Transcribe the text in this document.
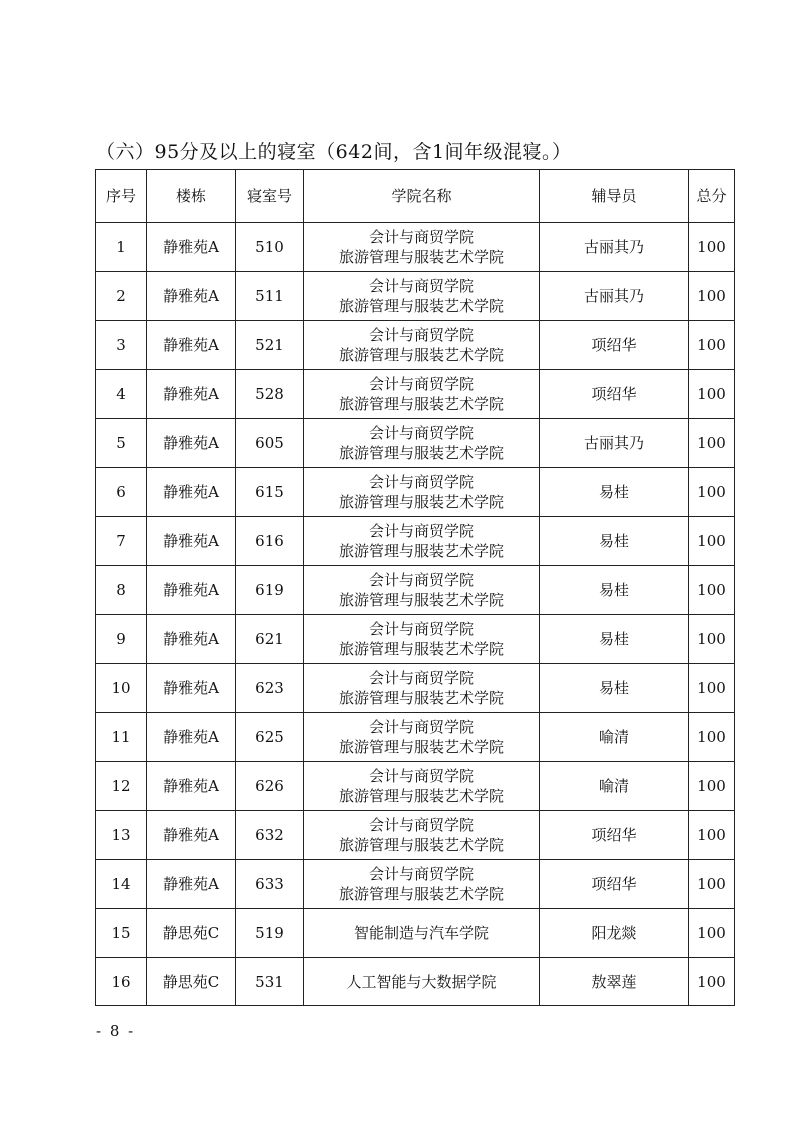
（六）95分及以上的寝室（642间，含1间年级混寝。）
序号	楼栋	寝室号	学院名称	辅导员	总分
1	静雅苑A	510	会计与商贸学院
旅游管理与服装艺术学院	古丽其乃	100
2	静雅苑A	511	会计与商贸学院
旅游管理与服装艺术学院	古丽其乃	100
3	静雅苑A	521	会计与商贸学院
旅游管理与服装艺术学院	项绍华	100
4	静雅苑A	528	会计与商贸学院
旅游管理与服装艺术学院	项绍华	100
5	静雅苑A	605	会计与商贸学院
旅游管理与服装艺术学院	古丽其乃	100
6	静雅苑A	615	会计与商贸学院
旅游管理与服装艺术学院	易桂	100
7	静雅苑A	616	会计与商贸学院
旅游管理与服装艺术学院	易桂	100
8	静雅苑A	619	会计与商贸学院
旅游管理与服装艺术学院	易桂	100
9	静雅苑A	621	会计与商贸学院
旅游管理与服装艺术学院	易桂	100
10	静雅苑A	623	会计与商贸学院
旅游管理与服装艺术学院	易桂	100
11	静雅苑A	625	会计与商贸学院
旅游管理与服装艺术学院	喻清	100
12	静雅苑A	626	会计与商贸学院
旅游管理与服装艺术学院	喻清	100
13	静雅苑A	632	会计与商贸学院
旅游管理与服装艺术学院	项绍华	100
14	静雅苑A	633	会计与商贸学院
旅游管理与服装艺术学院	项绍华	100
15	静思苑C	519	智能制造与汽车学院	阳龙燚	100
16	静思苑C	531	人工智能与大数据学院	敖翠莲	100
- 8 -
